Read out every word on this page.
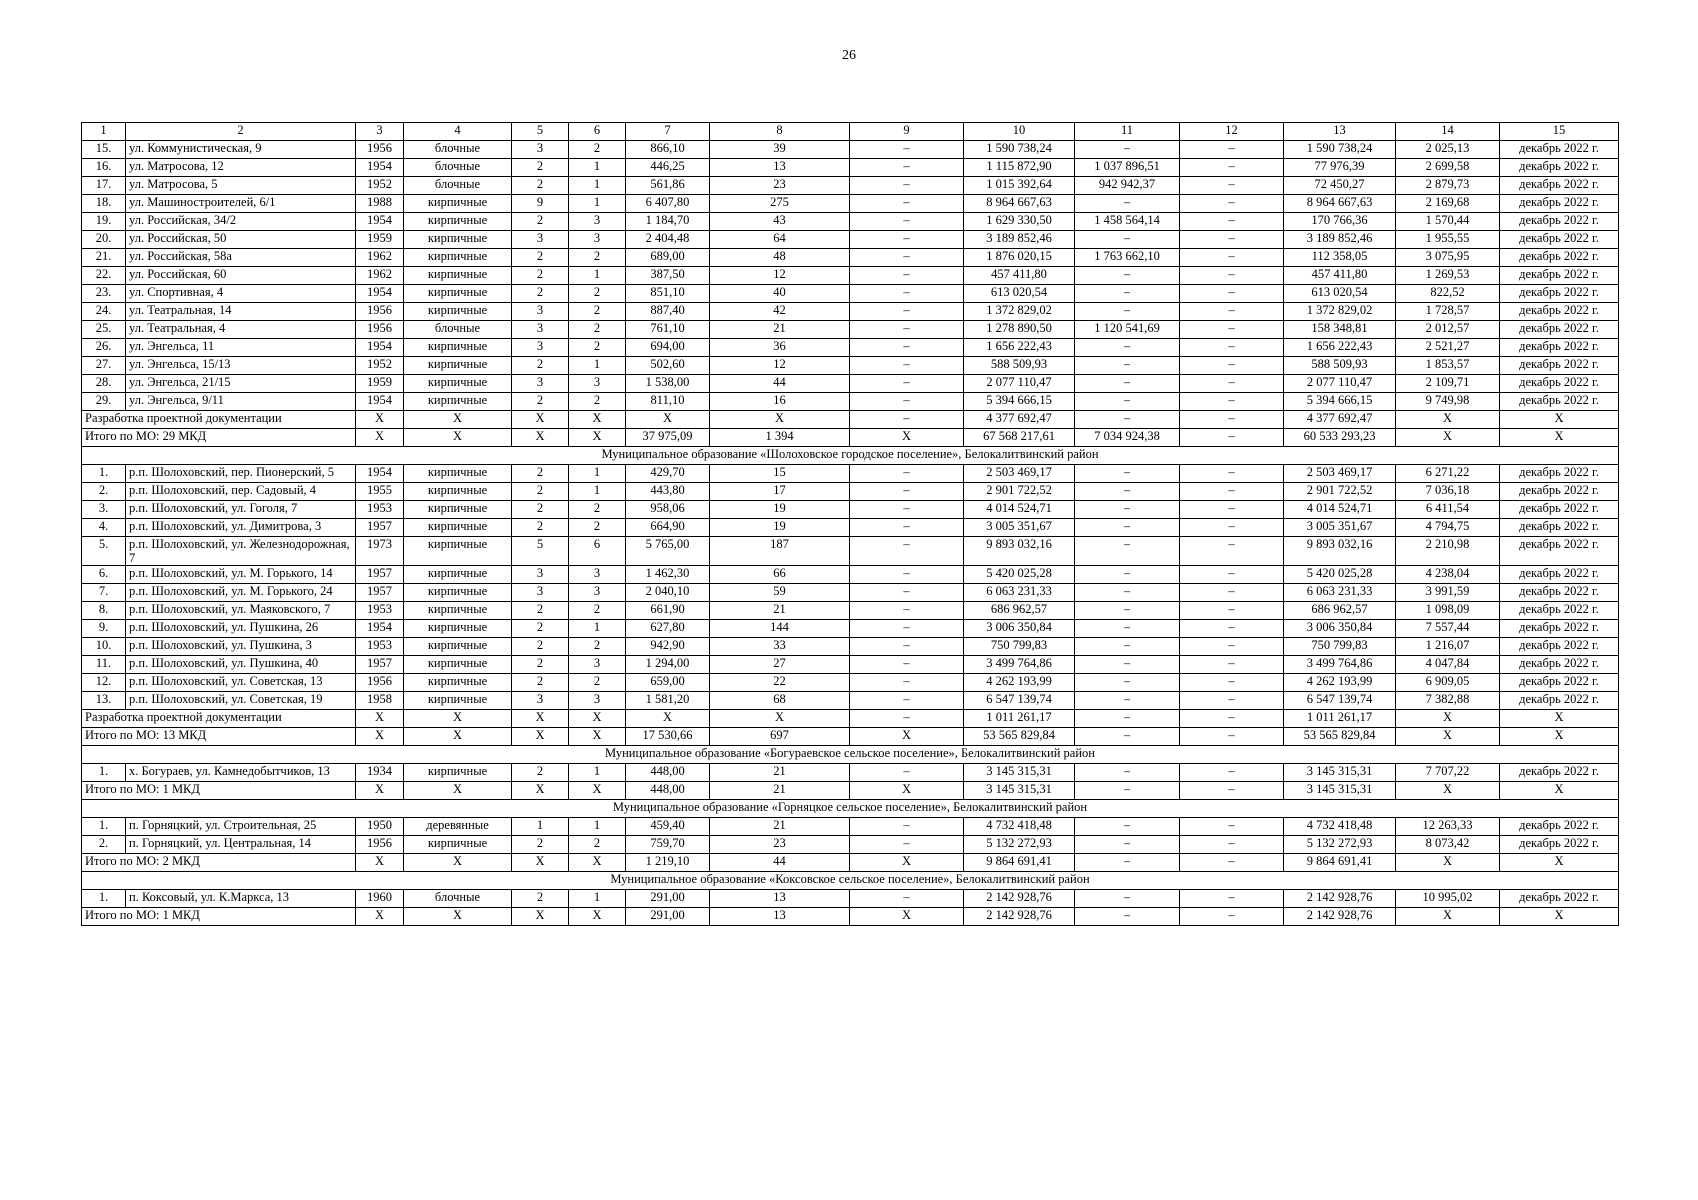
26
1	2	3	4	5	6	7	8	9	10	11	12	13	14	15
15.	ул. Коммунистическая, 9	1956	блочные	3	2	866,10	39	–	1 590 738,24	–	–	1 590 738,24	2 025,13	декабрь 2022 г.
16.	ул. Матросова, 12	1954	блочные	2	1	446,25	13	–	1 115 872,90	1 037 896,51	–	77 976,39	2 699,58	декабрь 2022 г.
17.	ул. Матросова, 5	1952	блочные	2	1	561,86	23	–	1 015 392,64	942 942,37	–	72 450,27	2 879,73	декабрь 2022 г.
18.	ул. Машиностроителей, 6/1	1988	кирпичные	9	1	6 407,80	275	–	8 964 667,63	–	–	8 964 667,63	2 169,68	декабрь 2022 г.
19.	ул. Российская, 34/2	1954	кирпичные	2	3	1 184,70	43	–	1 629 330,50	1 458 564,14	–	170 766,36	1 570,44	декабрь 2022 г.
20.	ул. Российская, 50	1959	кирпичные	3	3	2 404,48	64	–	3 189 852,46	–	–	3 189 852,46	1 955,55	декабрь 2022 г.
21.	ул. Российская, 58а	1962	кирпичные	2	2	689,00	48	–	1 876 020,15	1 763 662,10	–	112 358,05	3 075,95	декабрь 2022 г.
22.	ул. Российская, 60	1962	кирпичные	2	1	387,50	12	–	457 411,80	–	–	457 411,80	1 269,53	декабрь 2022 г.
23.	ул. Спортивная, 4	1954	кирпичные	2	2	851,10	40	–	613 020,54	–	–	613 020,54	822,52	декабрь 2022 г.
24.	ул. Театральная, 14	1956	кирпичные	3	2	887,40	42	–	1 372 829,02	–	–	1 372 829,02	1 728,57	декабрь 2022 г.
25.	ул. Театральная, 4	1956	блочные	3	2	761,10	21	–	1 278 890,50	1 120 541,69	–	158 348,81	2 012,57	декабрь 2022 г.
26.	ул. Энгельса, 11	1954	кирпичные	3	2	694,00	36	–	1 656 222,43	–	–	1 656 222,43	2 521,27	декабрь 2022 г.
27.	ул. Энгельса, 15/13	1952	кирпичные	2	1	502,60	12	–	588 509,93	–	–	588 509,93	1 853,57	декабрь 2022 г.
28.	ул. Энгельса, 21/15	1959	кирпичные	3	3	1 538,00	44	–	2 077 110,47	–	–	2 077 110,47	2 109,71	декабрь 2022 г.
29.	ул. Энгельса, 9/11	1954	кирпичные	2	2	811,10	16	–	5 394 666,15	–	–	5 394 666,15	9 749,98	декабрь 2022 г.
Разработка проектной документации		Х	Х	Х	Х	Х	Х	–	4 377 692,47	–	–	4 377 692,47	Х	Х
Итого по МО: 29 МКД		Х	Х	Х	Х	37 975,09	1 394	Х	67 568 217,61	7 034 924,38	–	60 533 293,23	Х	Х
Муниципальное образование «Шолоховское городское поселение», Белокалитвинский район														
1.	р.п. Шолоховский, пер. Пионерский, 5	1954	кирпичные	2	1	429,70	15	–	2 503 469,17	–	–	2 503 469,17	6 271,22	декабрь 2022 г.
2.	р.п. Шолоховский, пер. Садовый, 4	1955	кирпичные	2	1	443,80	17	–	2 901 722,52	–	–	2 901 722,52	7 036,18	декабрь 2022 г.
3.	р.п. Шолоховский, ул. Гоголя, 7	1953	кирпичные	2	2	958,06	19	–	4 014 524,71	–	–	4 014 524,71	6 411,54	декабрь 2022 г.
4.	р.п. Шолоховский, ул. Димитрова, 3	1957	кирпичные	2	2	664,90	19	–	3 005 351,67	–	–	3 005 351,67	4 794,75	декабрь 2022 г.
5.	р.п. Шолоховский, ул. Железнодорожная, 7	1973	кирпичные	5	6	5 765,00	187	–	9 893 032,16	–	–	9 893 032,16	2 210,98	декабрь 2022 г.
6.	р.п. Шолоховский, ул. М. Горького, 14	1957	кирпичные	3	3	1 462,30	66	–	5 420 025,28	–	–	5 420 025,28	4 238,04	декабрь 2022 г.
7.	р.п. Шолоховский, ул. М. Горького, 24	1957	кирпичные	3	3	2 040,10	59	–	6 063 231,33	–	–	6 063 231,33	3 991,59	декабрь 2022 г.
8.	р.п. Шолоховский, ул. Маяковского, 7	1953	кирпичные	2	2	661,90	21	–	686 962,57	–	–	686 962,57	1 098,09	декабрь 2022 г.
9.	р.п. Шолоховский, ул. Пушкина, 26	1954	кирпичные	2	1	627,80	144	–	3 006 350,84	–	–	3 006 350,84	7 557,44	декабрь 2022 г.
10.	р.п. Шолоховский, ул. Пушкина, 3	1953	кирпичные	2	2	942,90	33	–	750 799,83	–	–	750 799,83	1 216,07	декабрь 2022 г.
11.	р.п. Шолоховский, ул. Пушкина, 40	1957	кирпичные	2	3	1 294,00	27	–	3 499 764,86	–	–	3 499 764,86	4 047,84	декабрь 2022 г.
12.	р.п. Шолоховский, ул. Советская, 13	1956	кирпичные	2	2	659,00	22	–	4 262 193,99	–	–	4 262 193,99	6 909,05	декабрь 2022 г.
13.	р.п. Шолоховский, ул. Советская, 19	1958	кирпичные	3	3	1 581,20	68	–	6 547 139,74	–	–	6 547 139,74	7 382,88	декабрь 2022 г.
Разработка проектной документации		Х	Х	Х	Х	Х	Х	–	1 011 261,17	–	–	1 011 261,17	Х	Х
Итого по МО: 13 МКД		Х	Х	Х	Х	17 530,66	697	Х	53 565 829,84	–	–	53 565 829,84	Х	Х
Муниципальное образование «Богураевское сельское поселение», Белокалитвинский район														
1.	х. Богураев, ул. Камнедобытчиков, 13	1934	кирпичные	2	1	448,00	21	–	3 145 315,31	–	–	3 145 315,31	7 707,22	декабрь 2022 г.
Итого по МО: 1 МКД		Х	Х	Х	Х	448,00	21	Х	3 145 315,31	–	–	3 145 315,31	Х	Х
Муниципальное образование «Горняцкое сельское поселение», Белокалитвинский район														
1.	п. Горняцкий, ул. Строительная, 25	1950	деревянные	1	1	459,40	21	–	4 732 418,48	–	–	4 732 418,48	12 263,33	декабрь 2022 г.
2.	п. Горняцкий, ул. Центральная, 14	1956	кирпичные	2	2	759,70	23	–	5 132 272,93	–	–	5 132 272,93	8 073,42	декабрь 2022 г.
Итого по МО: 2 МКД		Х	Х	Х	Х	1 219,10	44	Х	9 864 691,41	–	–	9 864 691,41	Х	Х
Муниципальное образование «Коксовское сельское поселение», Белокалитвинский район														
1.	п. Коксовый, ул. К.Маркса, 13	1960	блочные	2	1	291,00	13	–	2 142 928,76	–	–	2 142 928,76	10 995,02	декабрь 2022 г.
Итого по МО: 1 МКД		Х	Х	Х	Х	291,00	13	Х	2 142 928,76	–	–	2 142 928,76	Х	Х
